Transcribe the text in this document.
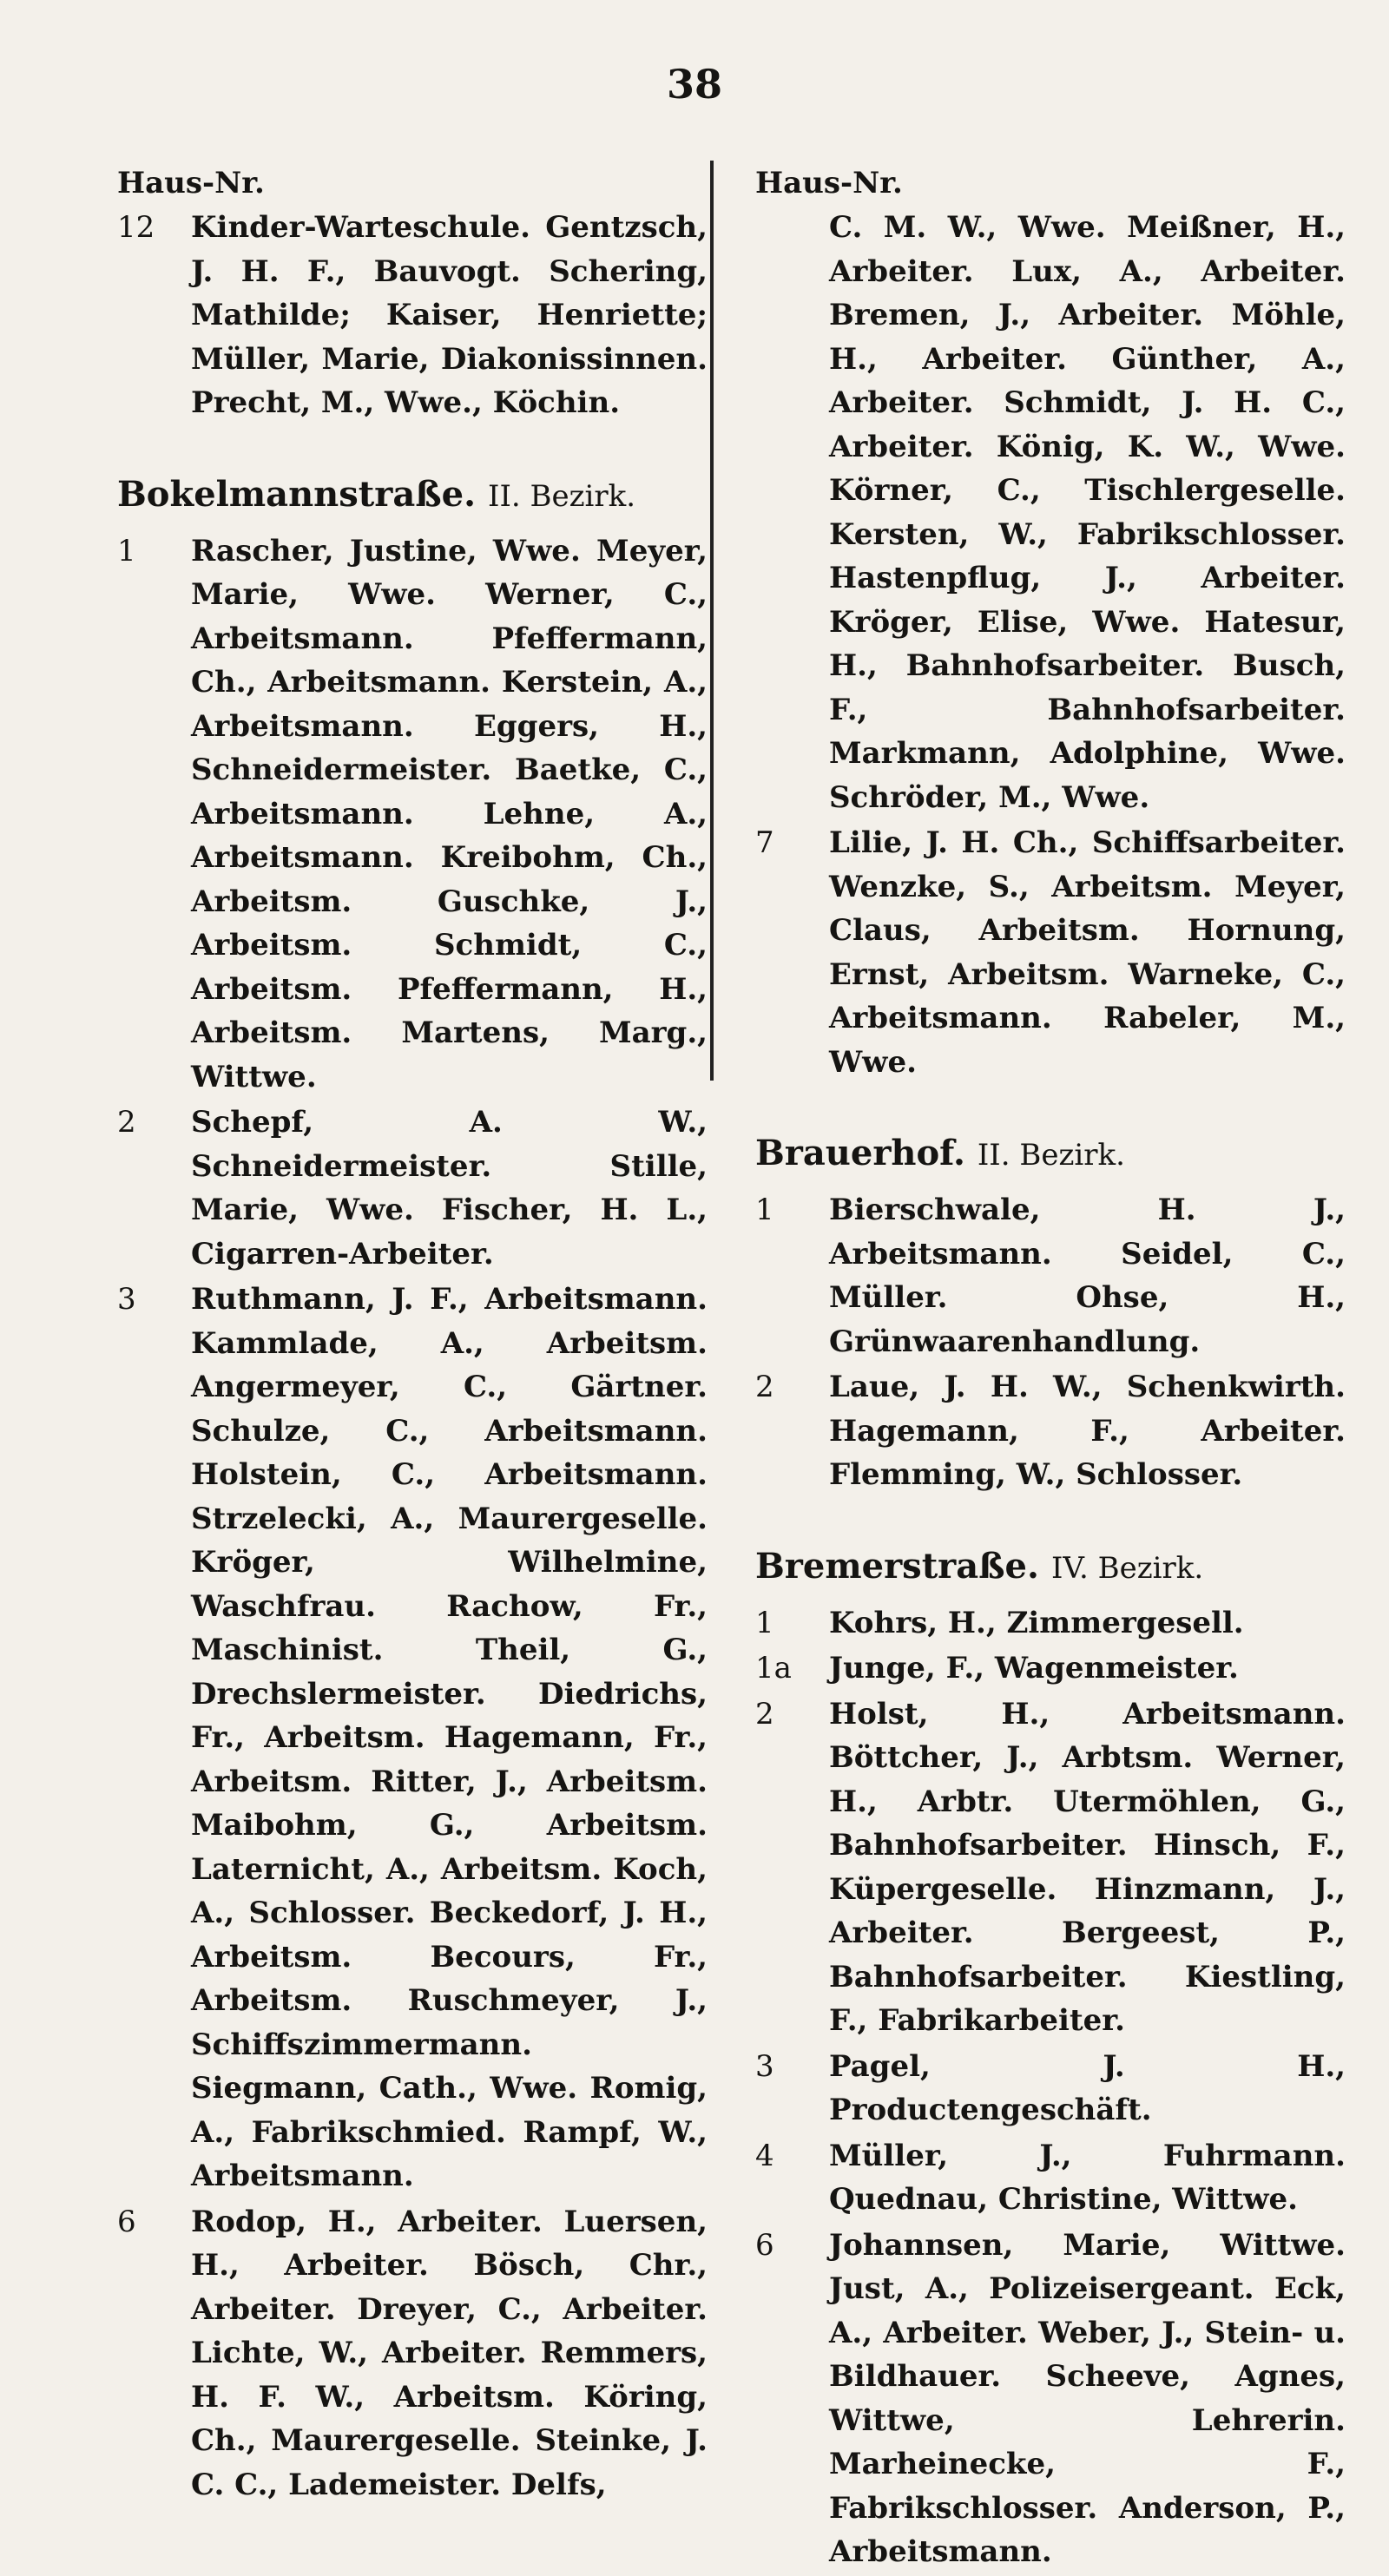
38
Haus-Nr.
12	Kinder-Warteschule. Gentzsch, J. H. F., Bauvogt. Schering, Mathilde; Kaiser, Henriette; Müller, Marie, Diakonissinnen. Precht, M., Wwe., Köchin.
Bokelmannstraße. II. Bezirk.
1	Rascher, Justine, Wwe. Meyer, Marie, Wwe. Werner, C., Arbeitsmann. Pfeffermann, Ch., Arbeitsmann. Kerstein, A., Arbeitsmann. Eggers, H., Schneidermeister. Baetke, C., Arbeitsmann. Lehne, A., Arbeitsmann. Kreibohm, Ch., Arbeitsm. Guschke, J., Arbeitsm. Schmidt, C., Arbeitsm. Pfeffermann, H., Arbeitsm. Martens, Marg., Wittwe.
2	Schepf, A. W., Schneidermeister. Stille, Marie, Wwe. Fischer, H. L., Cigarren-Arbeiter.
3	Ruthmann, J. F., Arbeitsmann. Kammlade, A., Arbeitsm. Angermeyer, C., Gärtner. Schulze, C., Arbeitsmann. Holstein, C., Arbeitsmann. Strzelecki, A., Maurergeselle. Kröger, Wilhelmine, Waschfrau. Rachow, Fr., Maschinist. Theil, G., Drechslermeister. Diedrichs, Fr., Arbeitsm. Hagemann, Fr., Arbeitsm. Ritter, J., Arbeitsm. Maibohm, G., Arbeitsm. Laternicht, A., Arbeitsm. Koch, A., Schlosser. Beckedorf, J. H., Arbeitsm. Becours, Fr., Arbeitsm. Ruschmeyer, J., Schiffszimmermann. Siegmann, Cath., Wwe. Romig, A., Fabrikschmied. Rampf, W., Arbeitsmann.
6	Rodop, H., Arbeiter. Luersen, H., Arbeiter. Bösch, Chr., Arbeiter. Dreyer, C., Arbeiter. Lichte, W., Arbeiter. Remmers, H. F. W., Arbeitsm. Köring, Ch., Maurergeselle. Steinke, J. C. C., Lademeister. Delfs,
Haus-Nr.
C. M. W., Wwe. Meißner, H., Arbeiter. Lux, A., Arbeiter. Bremen, J., Arbeiter. Möhle, H., Arbeiter. Günther, A., Arbeiter. Schmidt, J. H. C., Arbeiter. König, K. W., Wwe. Körner, C., Tischlergeselle. Kersten, W., Fabrikschlosser. Hastenpflug, J., Arbeiter. Kröger, Elise, Wwe. Hatesur, H., Bahnhofsarbeiter. Busch, F., Bahnhofsarbeiter. Markmann, Adolphine, Wwe. Schröder, M., Wwe.
7	Lilie, J. H. Ch., Schiffsarbeiter. Wenzke, S., Arbeitsm. Meyer, Claus, Arbeitsm. Hornung, Ernst, Arbeitsm. Warneke, C., Arbeitsmann. Rabeler, M., Wwe.
Brauerhof. II. Bezirk.
1	Bierschwale, H. J., Arbeitsmann. Seidel, C., Müller. Ohse, H., Grünwaarenhandlung.
2	Laue, J. H. W., Schenkwirth. Hagemann, F., Arbeiter. Flemming, W., Schlosser.
Bremerstraße. IV. Bezirk.
1	Kohrs, H., Zimmergesell.
1a	Junge, F., Wagenmeister.
2	Holst, H., Arbeitsmann. Böttcher, J., Arbtsm. Werner, H., Arbtr. Utermöhlen, G., Bahnhofsarbeiter. Hinsch, F., Küpergeselle. Hinzmann, J., Arbeiter. Bergeest, P., Bahnhofsarbeiter. Kiestling, F., Fabrikarbeiter.
3	Pagel, J. H., Productengeschäft.
4	Müller, J., Fuhrmann. Quednau, Christine, Wittwe.
6	Johannsen, Marie, Wittwe. Just, A., Polizeisergeant. Eck, A., Arbeiter. Weber, J., Stein- u. Bildhauer. Scheeve, Agnes, Wittwe, Lehrerin. Marheinecke, F., Fabrikschlosser. Anderson, P., Arbeitsmann.
